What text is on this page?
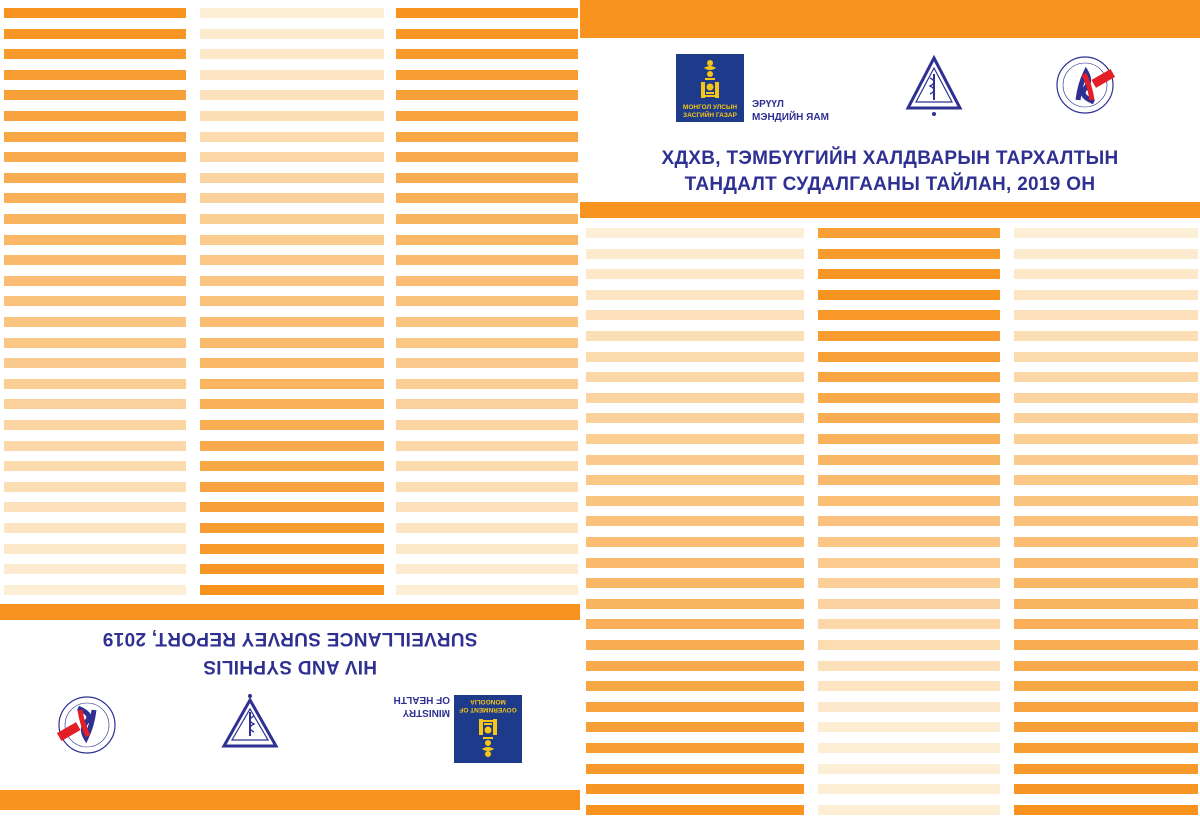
HIV AND SYPHILIS
SURVEILLANCE SURVEY REPORT, 2019
GOVERNMENT OF
MONGOLIA
MINISTRY
OF HEALTH
МОНГОЛ УЛСЫН
ЗАСГИЙН ГАЗАР
ЭРҮҮЛ
МЭНДИЙН ЯАМ
ХДХВ, ТЭМБҮҮГИЙН ХАЛДВАРЫН ТАРХАЛТЫН
ТАНДАЛТ СУДАЛГААНЫ ТАЙЛАН, 2019 ОН
